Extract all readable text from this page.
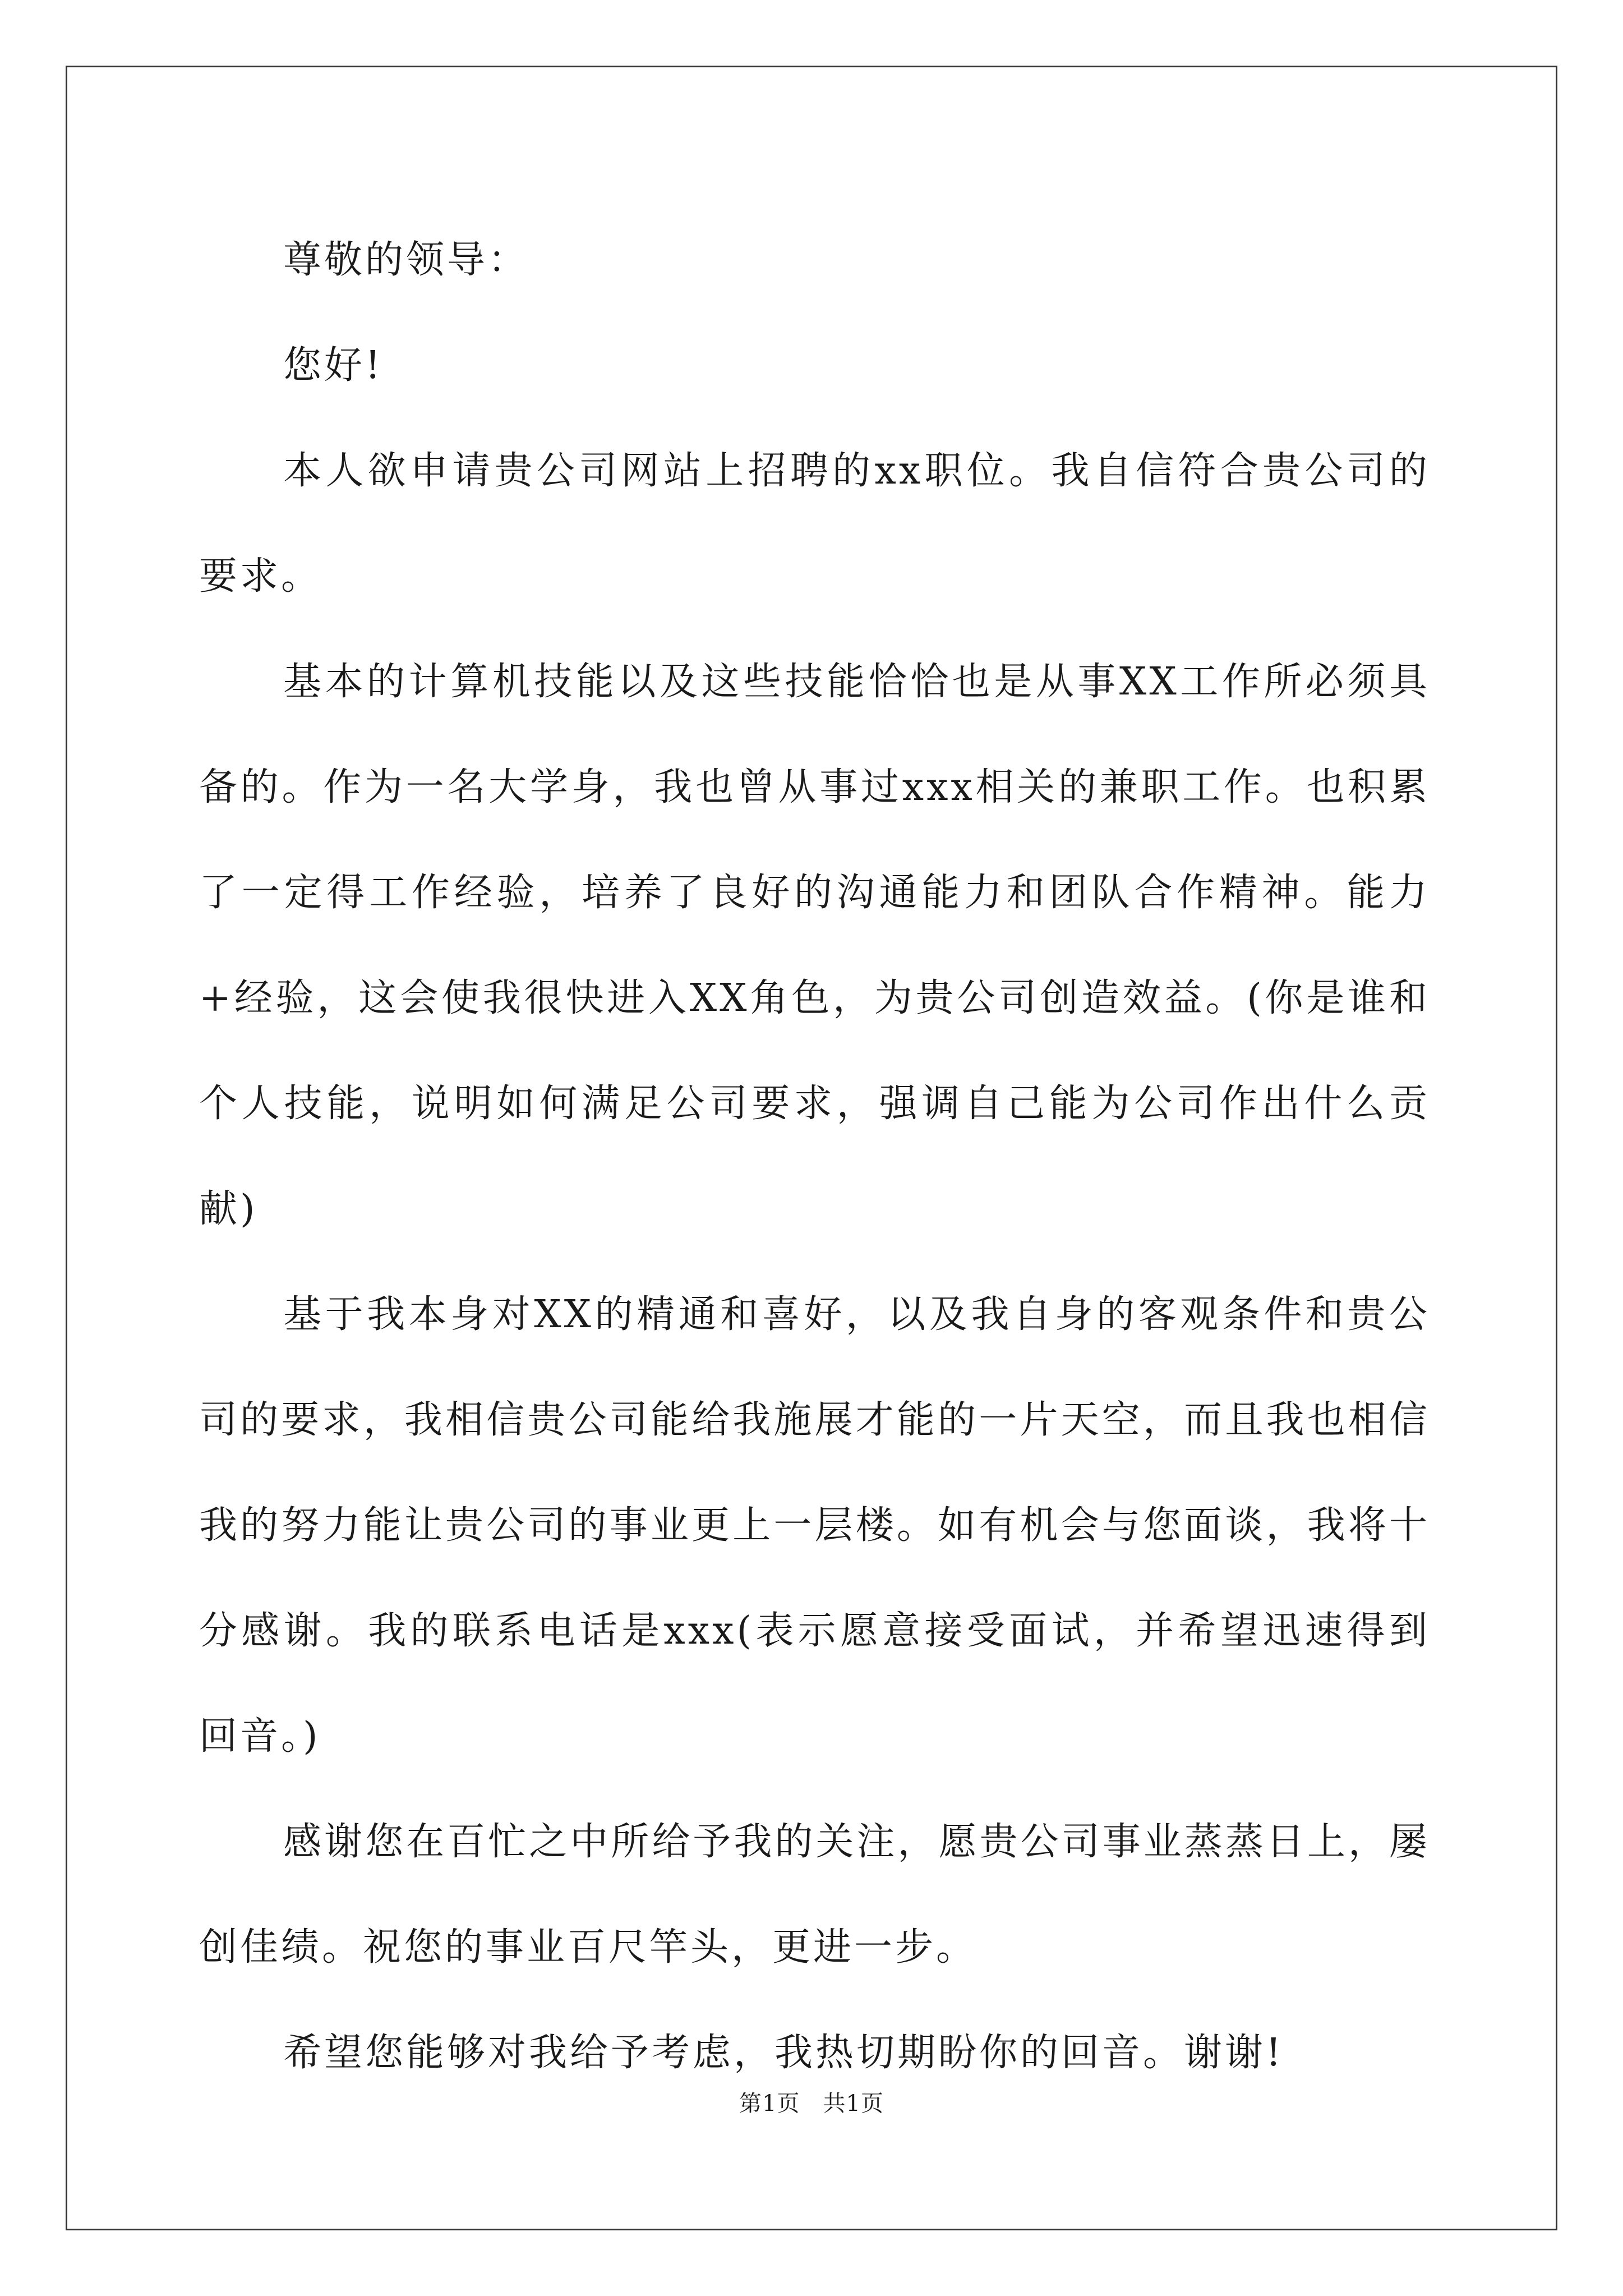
尊敬的领导：

您好!

本人欲申请贵公司网站上招聘的xx职位。我自信符合贵公司的要求。

基本的计算机技能以及这些技能恰恰也是从事XX工作所必须具备的。作为一名大学身，我也曾从事过xxx相关的兼职工作。也积累了一定得工作经验，培养了良好的沟通能力和团队合作精神。能力+经验，这会使我很快进入XX角色，为贵公司创造效益。(你是谁和个人技能，说明如何满足公司要求，强调自己能为公司作出什么贡献)

基于我本身对XX的精通和喜好，以及我自身的客观条件和贵公司的要求，我相信贵公司能给我施展才能的一片天空，而且我也相信我的努力能让贵公司的事业更上一层楼。如有机会与您面谈，我将十分感谢。我的联系电话是xxx(表示愿意接受面试，并希望迅速得到回音。)

感谢您在百忙之中所给予我的关注，愿贵公司事业蒸蒸日上，屡创佳绩。祝您的事业百尺竿头，更进一步。

希望您能够对我给予考虑，我热切期盼你的回音。谢谢!

第1页　共1页
